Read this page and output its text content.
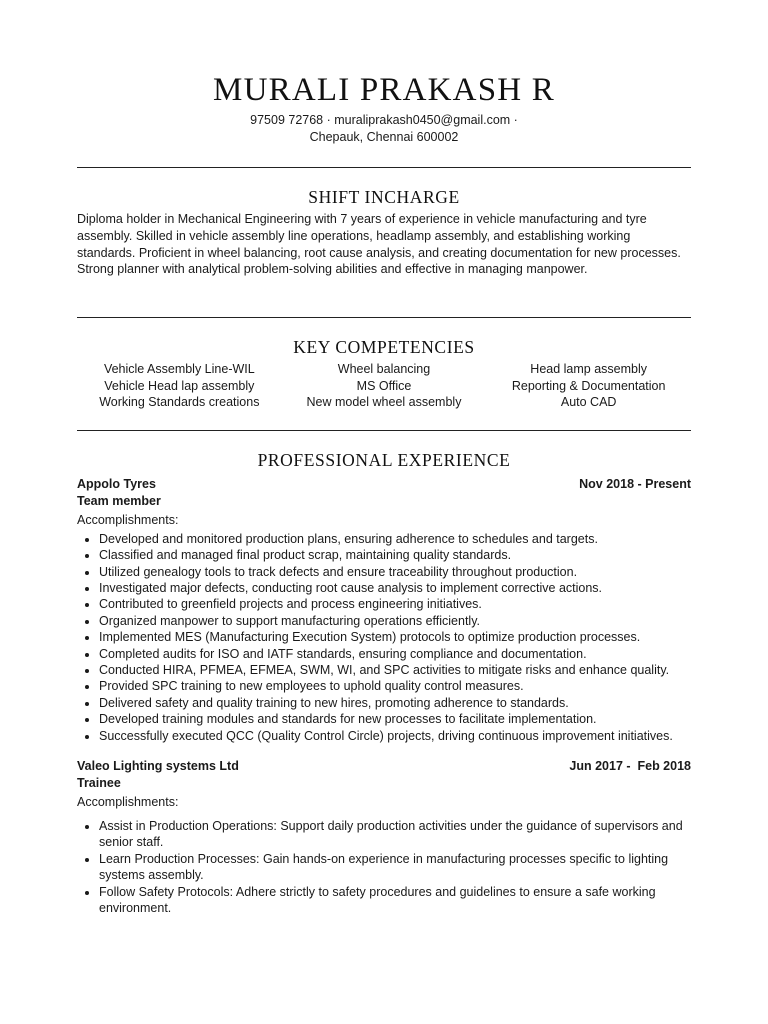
MURALI PRAKASH R
97509 72768 · muraliprakash0450@gmail.com ·
Chepauk, Chennai 600002
SHIFT INCHARGE

Diploma holder in Mechanical Engineering with 7 years of experience in vehicle manufacturing and tyre assembly. Skilled in vehicle assembly line operations, headlamp assembly, and establishing working standards. Proficient in wheel balancing, root cause analysis, and creating documentation for new processes. Strong planner with analytical problem-solving abilities and effective in managing manpower.

KEY COMPETENCIES
Vehicle Assembly Line-WIL	Wheel balancing	Head lamp assembly
Vehicle Head lap assembly	MS Office	Reporting & Documentation
Working Standards creations	New model wheel assembly	Auto CAD
PROFESSIONAL EXPERIENCE
Appolo Tyres	Nov 2018 - Present
Team member
Accomplishments:
• Developed and monitored production plans, ensuring adherence to schedules and targets.
• Classified and managed final product scrap, maintaining quality standards.
• Utilized genealogy tools to track defects and ensure traceability throughout production.
• Investigated major defects, conducting root cause analysis to implement corrective actions.
• Contributed to greenfield projects and process engineering initiatives.
• Organized manpower to support manufacturing operations efficiently.
• Implemented MES (Manufacturing Execution System) protocols to optimize production processes.
• Completed audits for ISO and IATF standards, ensuring compliance and documentation.
• Conducted HIRA, PFMEA, EFMEA, SWM, WI, and SPC activities to mitigate risks and enhance quality.
• Provided SPC training to new employees to uphold quality control measures.
• Delivered safety and quality training to new hires, promoting adherence to standards.
• Developed training modules and standards for new processes to facilitate implementation.
• Successfully executed QCC (Quality Control Circle) projects, driving continuous improvement initiatives.
Valeo Lighting systems Ltd	Jun 2017 -  Feb 2018
Trainee
Accomplishments:
• Assist in Production Operations: Support daily production activities under the guidance of supervisors and senior staff.
• Learn Production Processes: Gain hands-on experience in manufacturing processes specific to lighting systems assembly.
• Follow Safety Protocols: Adhere strictly to safety procedures and guidelines to ensure a safe working environment.
